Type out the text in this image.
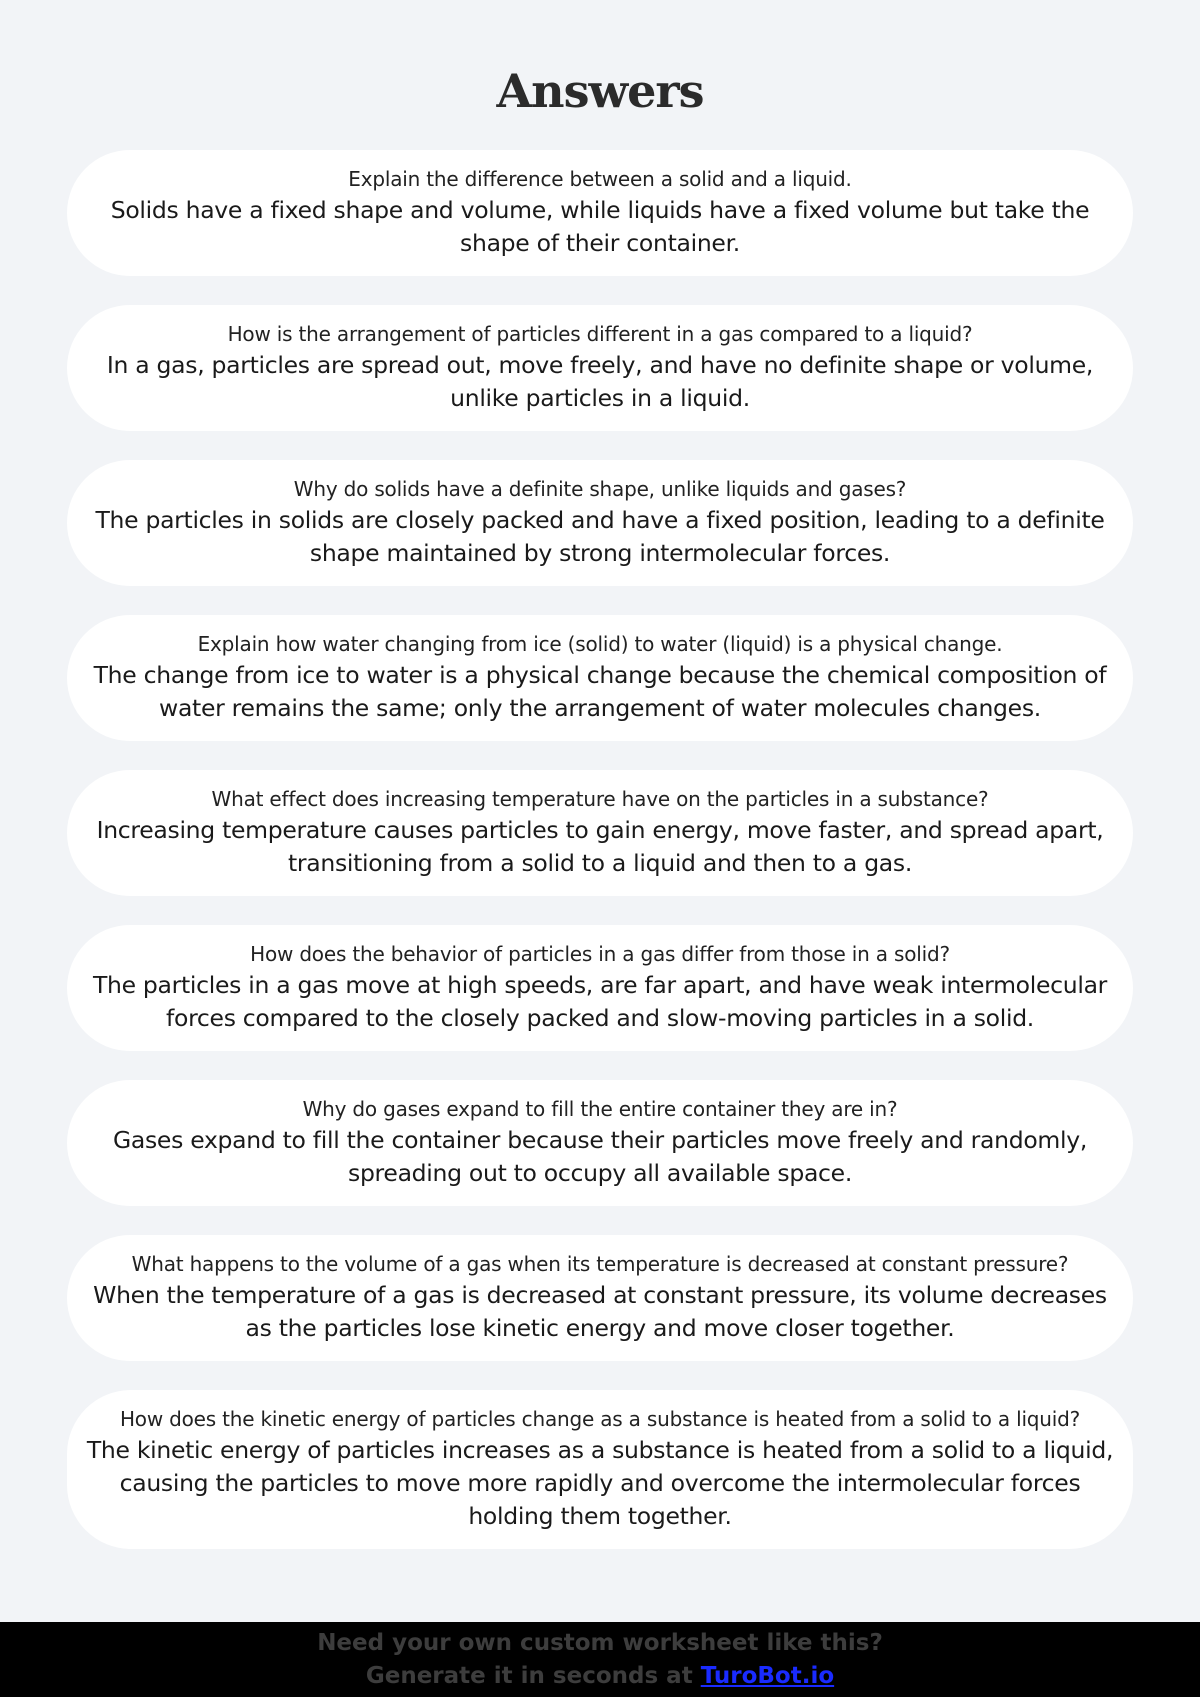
Answers
Explain the difference between a solid and a liquid.
Solids have a fixed shape and volume, while liquids have a fixed volume but take the shape of their container.
How is the arrangement of particles different in a gas compared to a liquid?
In a gas, particles are spread out, move freely, and have no definite shape or volume, unlike particles in a liquid.
Why do solids have a definite shape, unlike liquids and gases?
The particles in solids are closely packed and have a fixed position, leading to a definite shape maintained by strong intermolecular forces.
Explain how water changing from ice (solid) to water (liquid) is a physical change.
The change from ice to water is a physical change because the chemical composition of water remains the same; only the arrangement of water molecules changes.
What effect does increasing temperature have on the particles in a substance?
Increasing temperature causes particles to gain energy, move faster, and spread apart, transitioning from a solid to a liquid and then to a gas.
How does the behavior of particles in a gas differ from those in a solid?
The particles in a gas move at high speeds, are far apart, and have weak intermolecular forces compared to the closely packed and slow-moving particles in a solid.
Why do gases expand to fill the entire container they are in?
Gases expand to fill the container because their particles move freely and randomly, spreading out to occupy all available space.
What happens to the volume of a gas when its temperature is decreased at constant pressure?
When the temperature of a gas is decreased at constant pressure, its volume decreases as the particles lose kinetic energy and move closer together.
How does the kinetic energy of particles change as a substance is heated from a solid to a liquid?
The kinetic energy of particles increases as a substance is heated from a solid to a liquid, causing the particles to move more rapidly and overcome the intermolecular forces holding them together.
Need your own custom worksheet like this?
Generate it in seconds at TuroBot.io
